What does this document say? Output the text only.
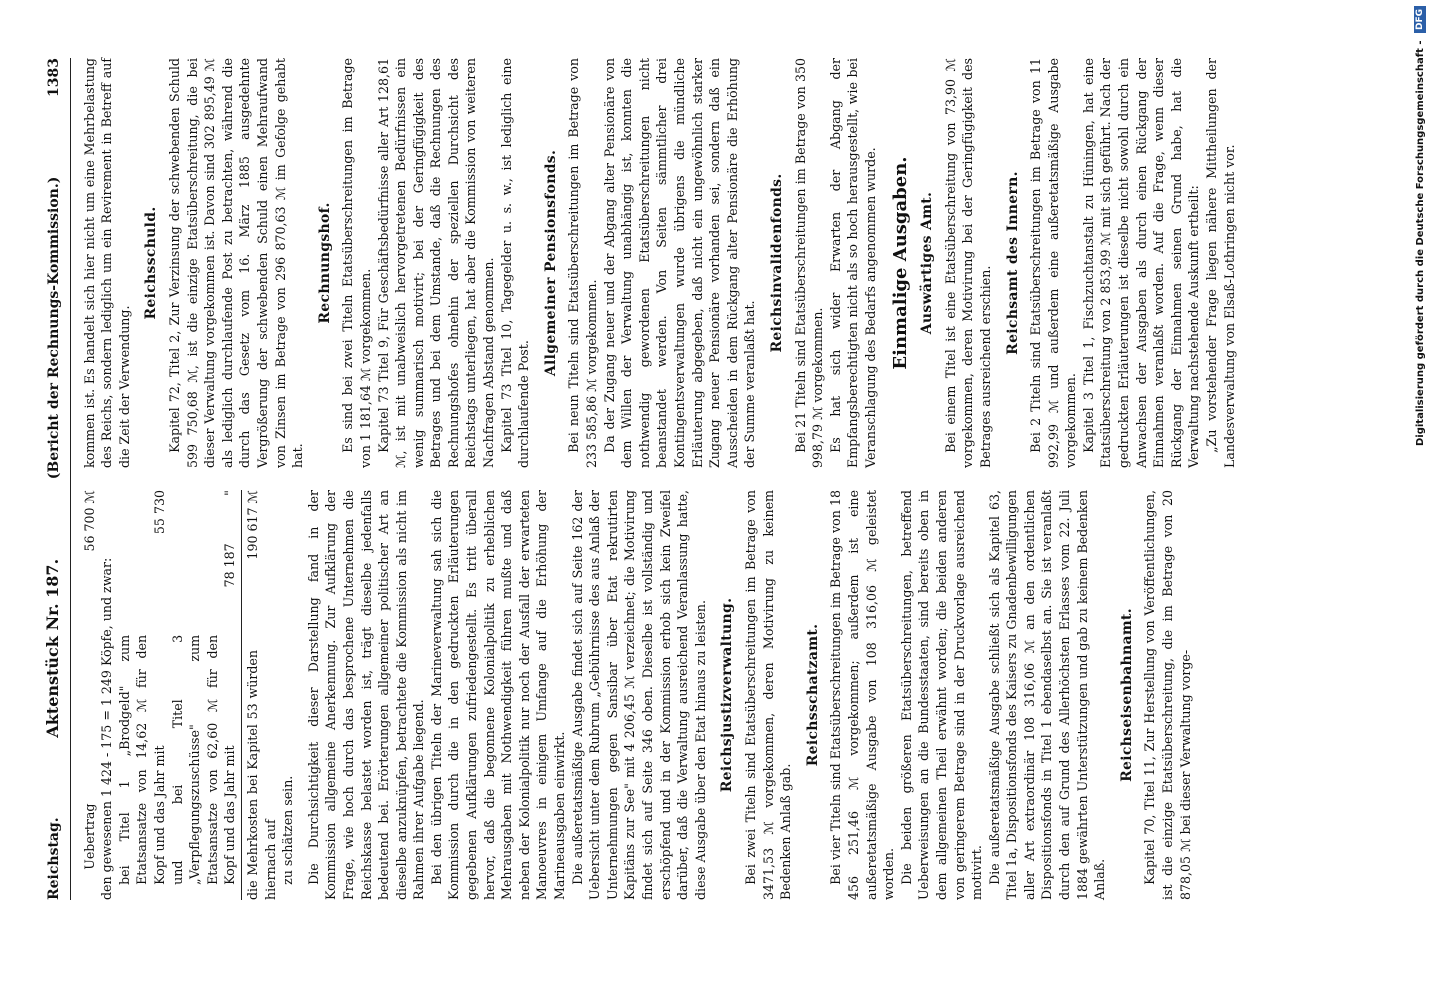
Reichstag.
Aktenstück Nr. 187.
(Bericht der Rechnungs-Kommission.)
1383
Uebertrag
56 700 ℳ
den gewesenen 1 424 - 175 = 1 249 Köpfe, und zwar: bei Titel 1 „Brodgeld" zum Etatsansatze von 14,62 ℳ für den Kopf und das Jahr mit
55 730
und bei Titel 3 „Verpflegungszuschüsse" zum Etatsansatze von 62,60 ℳ für den Kopf und das Jahr mit
78 187
"
die Mehrkosten bei Kapitel 53 würden hiernach auf
190 617 ℳ
zu schätzen sein. Die Durchsichtigkeit dieser Darstellung fand in der Kommission allgemeine Anerkennung. Zur Aufklärung der Frage, wie hoch durch das besprochene Unternehmen die Reichskasse belastet worden ist, trägt dieselbe jedenfalls bedeutend bei. Erörterungen allgemeiner politischer Art an dieselbe anzuknüpfen, betrachtete die Kommission als nicht im Rahmen ihrer Aufgabe liegend. Bei den übrigen Titeln der Marineverwaltung sah sich die Kommission durch die in den gedruckten Erläuterungen gegebenen Aufklärungen zufriedengestellt. Es tritt überall hervor, daß die begonnene Kolonialpolitik zu erheblichen Mehrausgaben mit Nothwendigkeit führen mußte und daß neben der Kolonialpolitik nur noch der Ausfall der erwarteten Manoeuvres in einigem Umfange auf die Erhöhung der Marineausgaben einwirkt. Die außeretatsmäßige Ausgabe findet sich auf Seite 162 der Uebersicht unter dem Rubrum „Gebührnisse des aus Anlaß der Unternehmungen gegen Sansibar über Etat rekrutirten Kapitäns zur See" mit 4 206,45 ℳ verzeichnet; die Motivirung findet sich auf Seite 346 oben. Dieselbe ist vollständig und erschöpfend und in der Kommission erhob sich kein Zweifel darüber, daß die Verwaltung ausreichend Veranlassung hatte, diese Ausgabe über den Etat hinaus zu leisten. Reichsjustizverwaltung. Bei zwei Titeln sind Etatsüberschreitungen im Betrage von 3471,53 ℳ vorgekommen, deren Motivirung zu keinem Bedenken Anlaß gab.

Reichsschatzamt. Bei vier Titeln sind Etatsüberschreitungen im Betrage von 18 456 251,46 ℳ vorgekommen; außerdem ist eine außeretatsmäßige Ausgabe von 108 316,06 ℳ geleistet worden. Die beiden größeren Etatsüberschreitungen, betreffend Ueberweisungen an die Bundesstaaten, sind bereits oben in dem allgemeinen Theil erwähnt worden; die beiden anderen von geringerem Betrage sind in der Druckvorlage ausreichend motivirt. Die außeretatsmäßige Ausgabe schließt sich als Kapitel 63, Titel 1a, Dispositionsfonds des Kaisers zu Gnadenbewilligungen aller Art extraordinär 108 316,06 ℳ an den ordentlichen Dispositionsfonds in Titel 1 ebendaselbst an. Sie ist veranlaßt durch den auf Grund des Allerhöchsten Erlasses vom 22. Juli 1884 gewährten Unterstützungen und gab zu keinem Bedenken Anlaß.

Reichseisenbahnamt. Kapitel 70, Titel 11, Zur Herstellung von Veröffentlichungen, ist die einzige Etatsüberschreitung, die im Betrage von 20 878,05 ℳ bei dieser Verwaltung vorge-

kommen ist. Es handelt sich hier nicht um eine Mehrbelastung des Reichs, sondern lediglich um ein Revirement in Betreff auf die Zeit der Verwendung.

Reichsschuld. Kapitel 72, Titel 2, Zur Verzinsung der schwebenden Schuld 599 750,68 ℳ, ist die einzige Etatsüberschreitung, die bei dieser Verwaltung vorgekommen ist. Davon sind 302 895,49 ℳ als lediglich durchlaufende Post zu betrachten, während die durch das Gesetz vom 16. März 1885 ausgedehnte Vergrößerung der schwebenden Schuld einen Mehraufwand von Zinsen im Betrage von 296 870,63 ℳ im Gefolge gehabt hat.

Rechnungshof. Es sind bei zwei Titeln Etatsüberschreitungen im Betrage von 1 181,64 ℳ vorgekommen. Kapitel 73 Titel 9, Für Geschäftsbedürfnisse aller Art 128,61 ℳ, ist mit unabweislich hervorgetretenen Bedürfnissen ein wenig summarisch motivirt; bei der Geringfügigkeit des Betrages und bei dem Umstande, daß die Rechnungen des Rechnungshofes ohnehin der speziellen Durchsicht des Reichstags unterliegen, hat aber die Kommission von weiteren Nachfragen Abstand genommen. Kapitel 73 Titel 10, Tagegelder u. s. w., ist lediglich eine durchlaufende Post.

Allgemeiner Pensionsfonds. Bei neun Titeln sind Etatsüberschreitungen im Betrage von 233 585,86 ℳ vorgekommen. Da der Zugang neuer und der Abgang alter Pensionäre von dem Willen der Verwaltung unabhängig ist, konnten die nothwendig gewordenen Etatsüberschreitungen nicht beanstandet werden. Von Seiten sämmtlicher drei Kontingentsverwaltungen wurde übrigens die mündliche Erläuterung abgegeben, daß nicht ein ungewöhnlich starker Zugang neuer Pensionäre vorhanden sei, sondern daß ein Ausscheiden in dem Rückgang alter Pensionäre die Erhöhung der Summe veranlaßt hat.

Reichsinvalidenfonds. Bei 21 Titeln sind Etatsüberschreitungen im Betrage von 350 998,79 ℳ vorgekommen. Es hat sich wider Erwarten der Abgang der Empfangsberechtigten nicht als so hoch herausgestellt, wie bei Veranschlagung des Bedarfs angenommen wurde. Einmalige Ausgaben. Auswärtiges Amt. Bei einem Titel ist eine Etatsüberschreitung von 73,90 ℳ vorgekommen, deren Motivirung bei der Geringfügigkeit des Betrages ausreichend erschien.

Reichsamt des Innern. Bei 2 Titeln sind Etatsüberschreitungen im Betrage von 11 992,99 ℳ und außerdem eine außeretatsmäßige Ausgabe vorgekommen. Kapitel 3 Titel 1, Fischzuchtanstalt zu Hüningen, hat eine Etatsüberschreitung von 2 853,99 ℳ mit sich geführt. Nach der gedruckten Erläuterungen ist dieselbe nicht sowohl durch ein Anwachsen der Ausgaben als durch einen Rückgang der Einnahmen veranlaßt worden. Auf die Frage, wenn dieser Rückgang der Einnahmen seinen Grund habe, hat die Verwaltung nachstehende Auskunft ertheilt: „Zu vorstehender Frage liegen nähere Mittheilungen der Landesverwaltung von Elsaß-Lothringen nicht vor.	Digitalisierung gefördert durch die Deutsche Forschungsgemeinschaft - DFG
